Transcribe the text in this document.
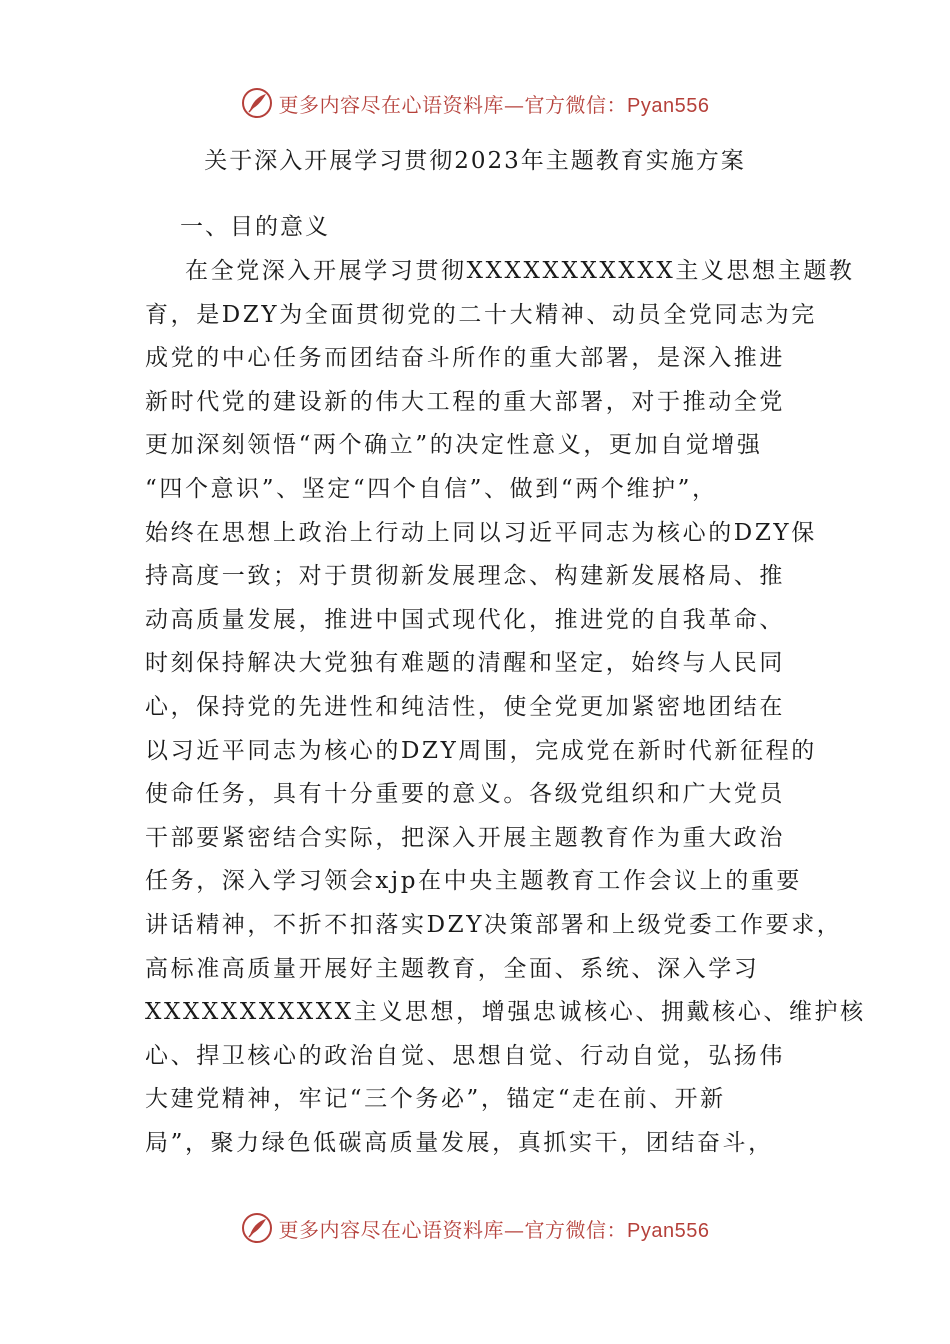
更多内容尽在心语资料库—官方微信：Pyan556
关于深入开展学习贯彻2023年主题教育实施方案
一、目的意义
在全党深入开展学习贯彻XXXXXXXXXXX主义思想主题教
育，是DZY为全面贯彻党的二十大精神、动员全党同志为完
成党的中心任务而团结奋斗所作的重大部署，是深入推进
新时代党的建设新的伟大工程的重大部署，对于推动全党
更加深刻领悟“两个确立”的决定性意义，更加自觉增强
“四个意识”、坚定“四个自信”、做到“两个维护”，
始终在思想上政治上行动上同以习近平同志为核心的DZY保
持高度一致；对于贯彻新发展理念、构建新发展格局、推
动高质量发展，推进中国式现代化，推进党的自我革命、
时刻保持解决大党独有难题的清醒和坚定，始终与人民同
心，保持党的先进性和纯洁性，使全党更加紧密地团结在
以习近平同志为核心的DZY周围，完成党在新时代新征程的
使命任务，具有十分重要的意义。各级党组织和广大党员
干部要紧密结合实际，把深入开展主题教育作为重大政治
任务，深入学习领会xjp在中央主题教育工作会议上的重要
讲话精神，不折不扣落实DZY决策部署和上级党委工作要求，
高标准高质量开展好主题教育，全面、系统、深入学习
XXXXXXXXXXX主义思想，增强忠诚核心、拥戴核心、维护核
心、捍卫核心的政治自觉、思想自觉、行动自觉，弘扬伟
大建党精神，牢记“三个务必”，锚定“走在前、开新
局”，聚力绿色低碳高质量发展，真抓实干，团结奋斗，
更多内容尽在心语资料库—官方微信：Pyan556
